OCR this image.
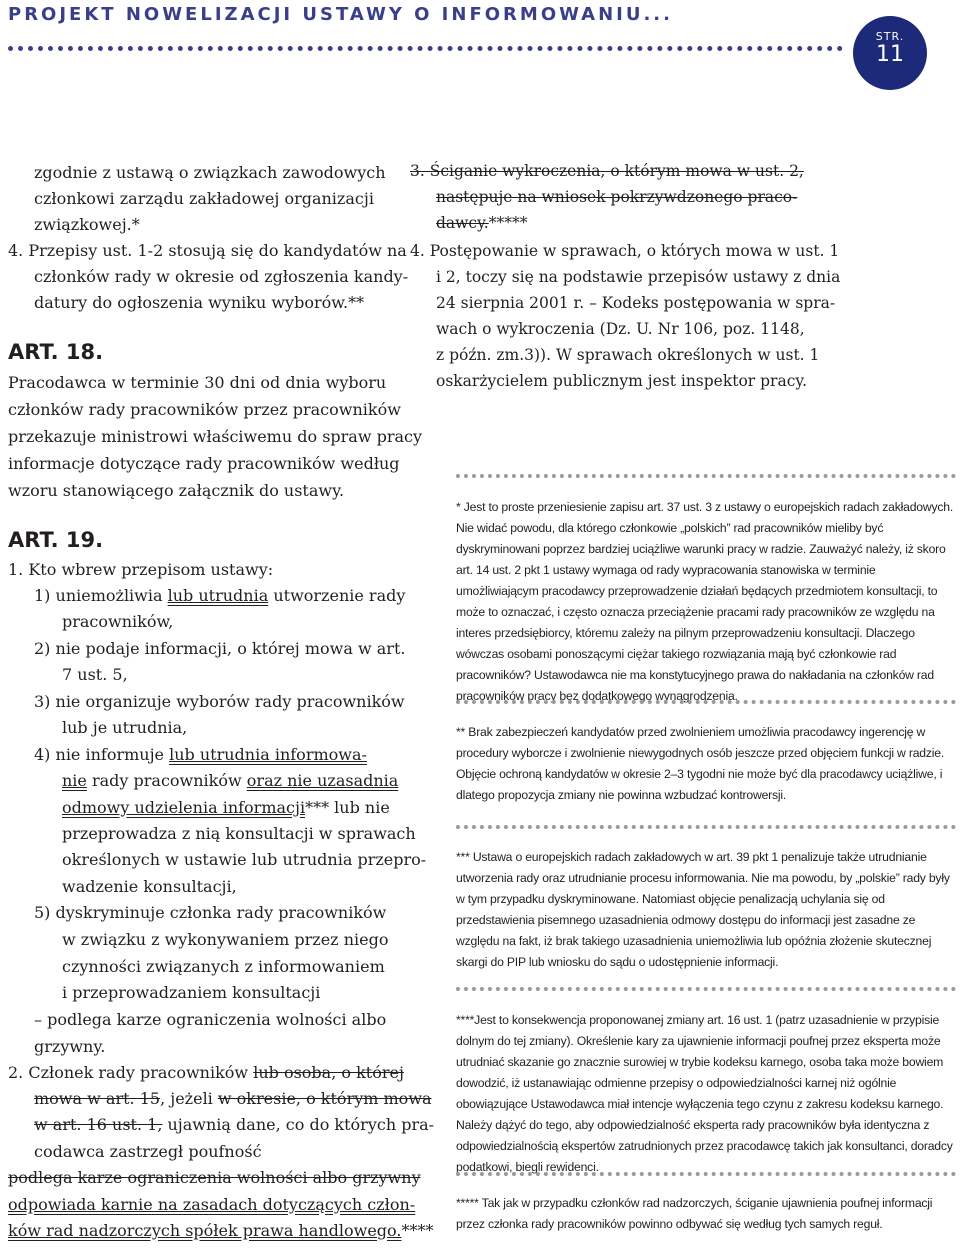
PROJEKT NOWELIZACJI USTAWY O INFORMOWANIU...
STR.
11
zgodnie z ustawą o związkach zawodowych
członkowi zarządu zakładowej organizacji
związkowej.*
4. Przepisy ust. 1-2 stosują się do kandydatów na
członków rady w okresie od zgłoszenia kandy-
datury do ogłoszenia wyniku wyborów.**
ART. 18.
Pracodawca w terminie 30 dni od dnia wyboru
członków rady pracowników przez pracowników
przekazuje ministrowi właściwemu do spraw pracy
informacje dotyczące rady pracowników według
wzoru stanowiącego załącznik do ustawy.
ART. 19.
1. Kto wbrew przepisom ustawy:
1) uniemożliwia lub utrudnia utworzenie rady
pracowników,
2) nie podaje informacji, o której mowa w art.
7 ust. 5,
3) nie organizuje wyborów rady pracowników
lub je utrudnia,
4) nie informuje lub utrudnia informowa-
nie rady pracowników oraz nie uzasadnia
odmowy udzielenia informacji*** lub nie
przeprowadza z nią konsultacji w sprawach
określonych w ustawie lub utrudnia przepro-
wadzenie konsultacji,
5) dyskryminuje członka rady pracowników
w związku z wykonywaniem przez niego
czynności związanych z informowaniem
i przeprowadzaniem konsultacji
– podlega karze ograniczenia wolności albo
grzywny.
2. Członek rady pracowników lub osoba, o której
mowa w art. 15, jeżeli w okresie, o którym mowa
w art. 16 ust. 1, ujawnią dane, co do których pra-
codawca zastrzegł poufność
podlega karze ograniczenia wolności albo grzywny
odpowiada karnie na zasadach dotyczących człon-
ków rad nadzorczych spółek prawa handlowego.****
3. Ściganie wykroczenia, o którym mowa w ust. 2,
następuje na wniosek pokrzywdzonego praco-
dawcy.*****
4. Postępowanie w sprawach, o których mowa w ust. 1
i 2, toczy się na podstawie przepisów ustawy z dnia
24 sierpnia 2001 r. – Kodeks postępowania w spra-
wach o wykroczenia (Dz. U. Nr 106, poz. 1148,
z późn. zm.3)). W sprawach określonych w ust. 1
oskarżycielem publicznym jest inspektor pracy.

* Jest to proste przeniesienie zapisu art. 37 ust. 3 z ustawy o europejskich radach zakładowych. Nie widać powodu, dla którego członkowie „polskich” rad pracowników mieliby być dyskryminowani poprzez bardziej uciążliwe warunki pracy w radzie. Zauważyć należy, iż skoro art. 14 ust. 2 pkt 1 ustawy wymaga od rady wypracowania stanowiska w terminie umożliwiającym pracodawcy przeprowadzenie działań będących przedmiotem konsultacji, to może to oznaczać, i często oznacza przeciążenie pracami rady pracowników ze względu na interes przedsiębiorcy, któremu zależy na pilnym przeprowadzeniu konsultacji. Dlaczego wówczas osobami ponoszącymi ciężar takiego rozwiązania mają być członkowie rad pracowników? Ustawodawca nie ma konstytucyjnego prawa do nakładania na członków rad pracowników pracy bez dodatkowego wynagrodzenia.

** Brak zabezpieczeń kandydatów przed zwolnieniem umożliwia pracodawcy ingerencję w procedury wyborcze i zwolnienie niewygodnych osób jeszcze przed objęciem funkcji w radzie. Objęcie ochroną kandydatów w okresie 2–3 tygodni nie może być dla pracodawcy uciążliwe, i dlatego propozycja zmiany nie powinna wzbudzać kontrowersji.

*** Ustawa o europejskich radach zakładowych w art. 39 pkt 1 penalizuje także utrudnianie utworzenia rady oraz utrudnianie procesu informowania. Nie ma powodu, by „polskie” rady były w tym przypadku dyskryminowane. Natomiast objęcie penalizacją uchylania się od przedstawienia pisemnego uzasadnienia odmowy dostępu do informacji jest zasadne ze względu na fakt, iż brak takiego uzasadnienia uniemożliwia lub opóźnia złożenie skutecznej skargi do PIP lub wniosku do sądu o udostępnienie informacji.

****Jest to konsekwencja proponowanej zmiany art. 16 ust. 1 (patrz uzasadnienie w przypisie dolnym do tej zmiany). Określenie kary za ujawnienie informacji poufnej przez eksperta może utrudniać skazanie go znacznie surowiej w trybie kodeksu karnego, osoba taka może bowiem dowodzić, iż ustanawiając odmienne przepisy o odpowiedzialności karnej niż ogólnie obowiązujące Ustawodawca miał intencje wyłączenia tego czynu z zakresu kodeksu karnego. Należy dążyć do tego, aby odpowiedzialność eksperta rady pracowników była identyczna z odpowiedzialnością ekspertów zatrudnionych przez pracodawcę takich jak konsultanci, doradcy podatkowi, biegli rewidenci.

***** Tak jak w przypadku członków rad nadzorczych, ściganie ujawnienia poufnej informacji przez członka rady pracowników powinno odbywać się według tych samych reguł.
